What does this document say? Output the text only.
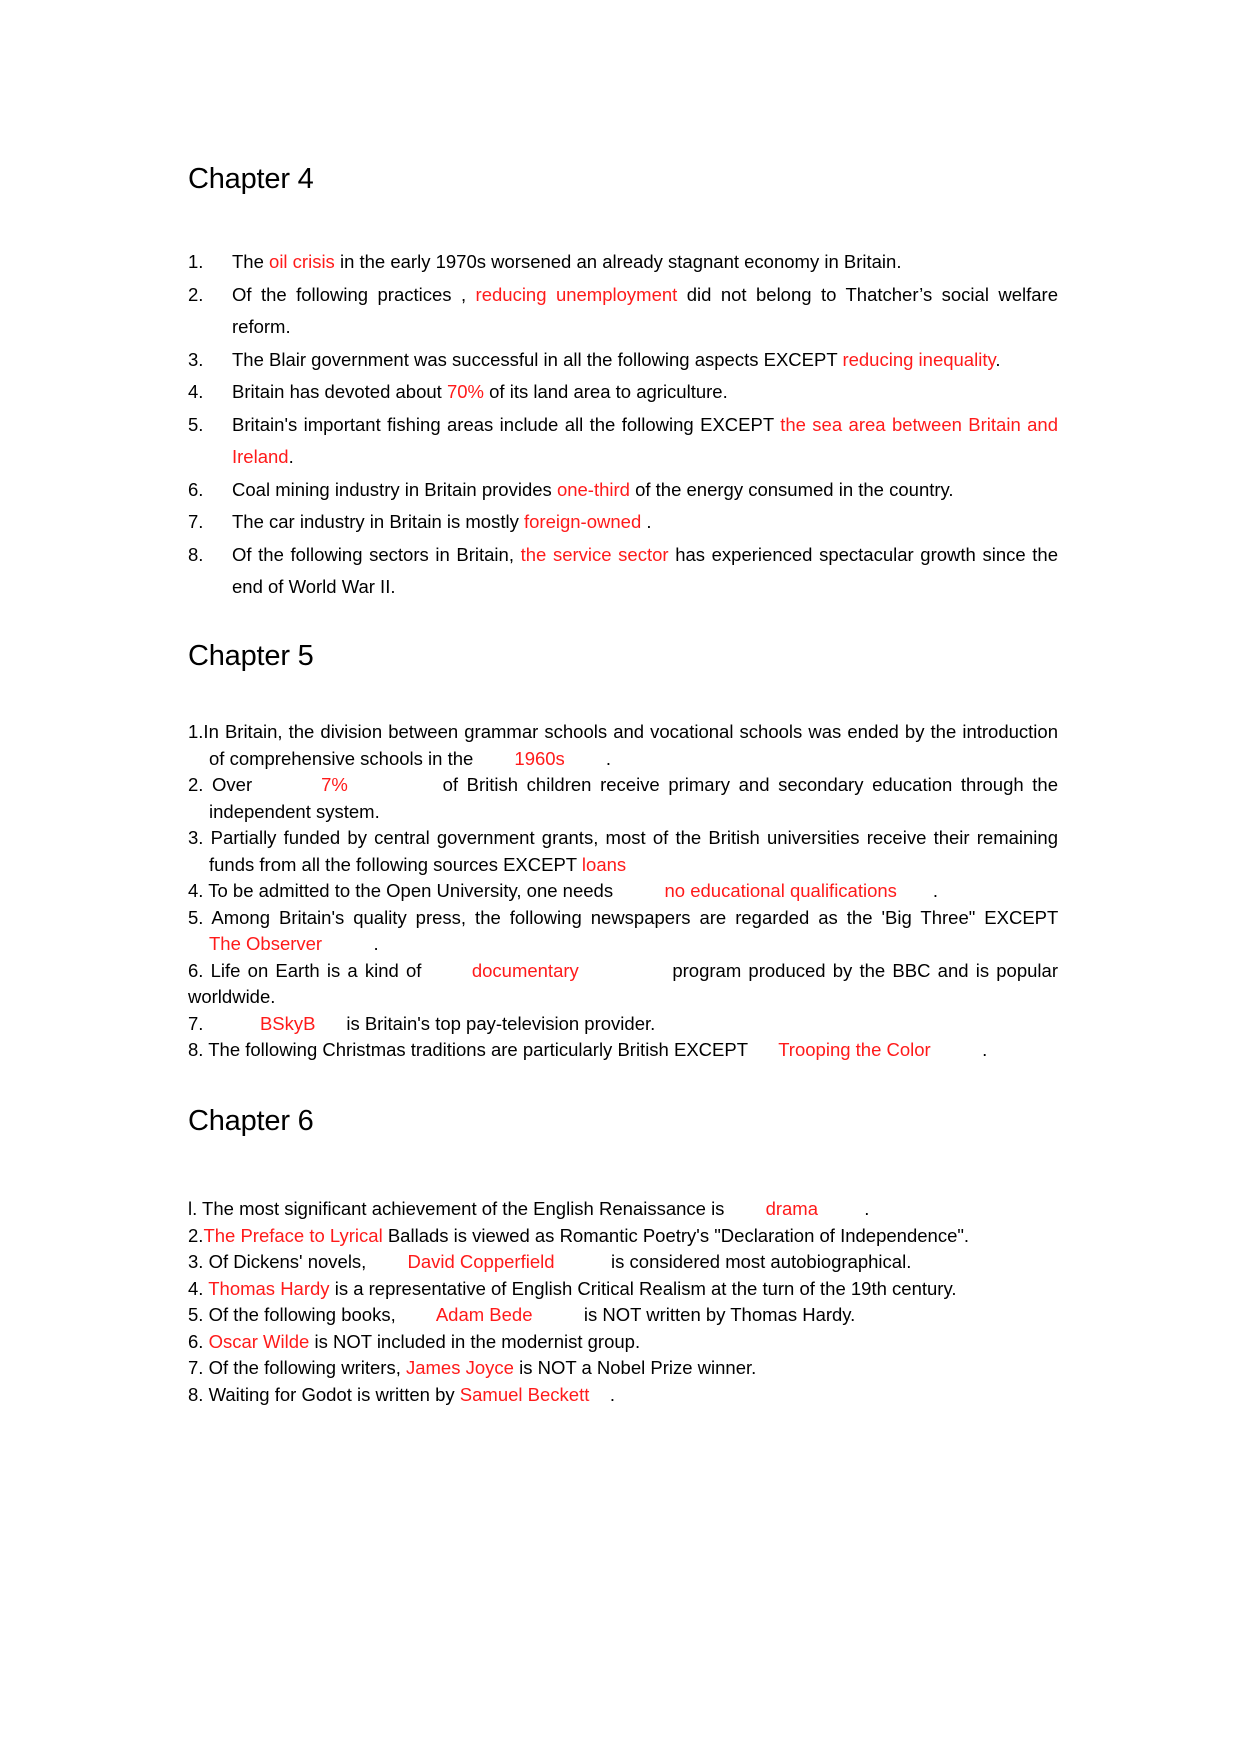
Chapter 4
1. The oil crisis in the early 1970s worsened an already stagnant economy in Britain.
2. Of the following practices , reducing unemployment did not belong to Thatcher’s social welfare reform.
3. The Blair government was successful in all the following aspects EXCEPT reducing inequality.
4. Britain has devoted about 70% of its land area to agriculture.
5. Britain's important fishing areas include all the following EXCEPT the sea area between Britain and Ireland.
6. Coal mining industry in Britain provides one-third of the energy consumed in the country.
7. The car industry in Britain is mostly foreign-owned .
8. Of the following sectors in Britain, the service sector has experienced spectacular growth since the end of World War II.
Chapter 5
1.In Britain, the division between grammar schools and vocational schools was ended by the introduction of comprehensive schools in the        1960s        .
2. Over        7%           of British children receive primary and secondary education through the independent system.
3. Partially funded by central government grants, most of the British universities receive their remaining funds from all the following sources EXCEPT loans
4. To be admitted to the Open University, one needs          no educational qualifications       .
5. Among Britain's quality press, the following newspapers are regarded as the 'Big Three" EXCEPT      The Observer          .
6. Life on Earth is a kind of       documentary             program produced by the BBC and is popular worldwide.
7.           BSkyB      is Britain's top pay-television provider.
8. The following Christmas traditions are particularly British EXCEPT      Trooping the Color          .
Chapter 6
l. The most significant achievement of the English Renaissance is        drama         .
2.The Preface to Lyrical Ballads is viewed as Romantic Poetry's "Declaration of Independence".
3. Of Dickens' novels,        David Copperfield           is considered most autobiographical.
4. Thomas Hardy is a representative of English Critical Realism at the turn of the 19th century.
5. Of the following books,        Adam Bede          is NOT written by Thomas Hardy.
6. Oscar Wilde is NOT included in the modernist group.
7. Of the following writers, James Joyce is NOT a Nobel Prize winner.
8. Waiting for Godot is written by Samuel Beckett    .
